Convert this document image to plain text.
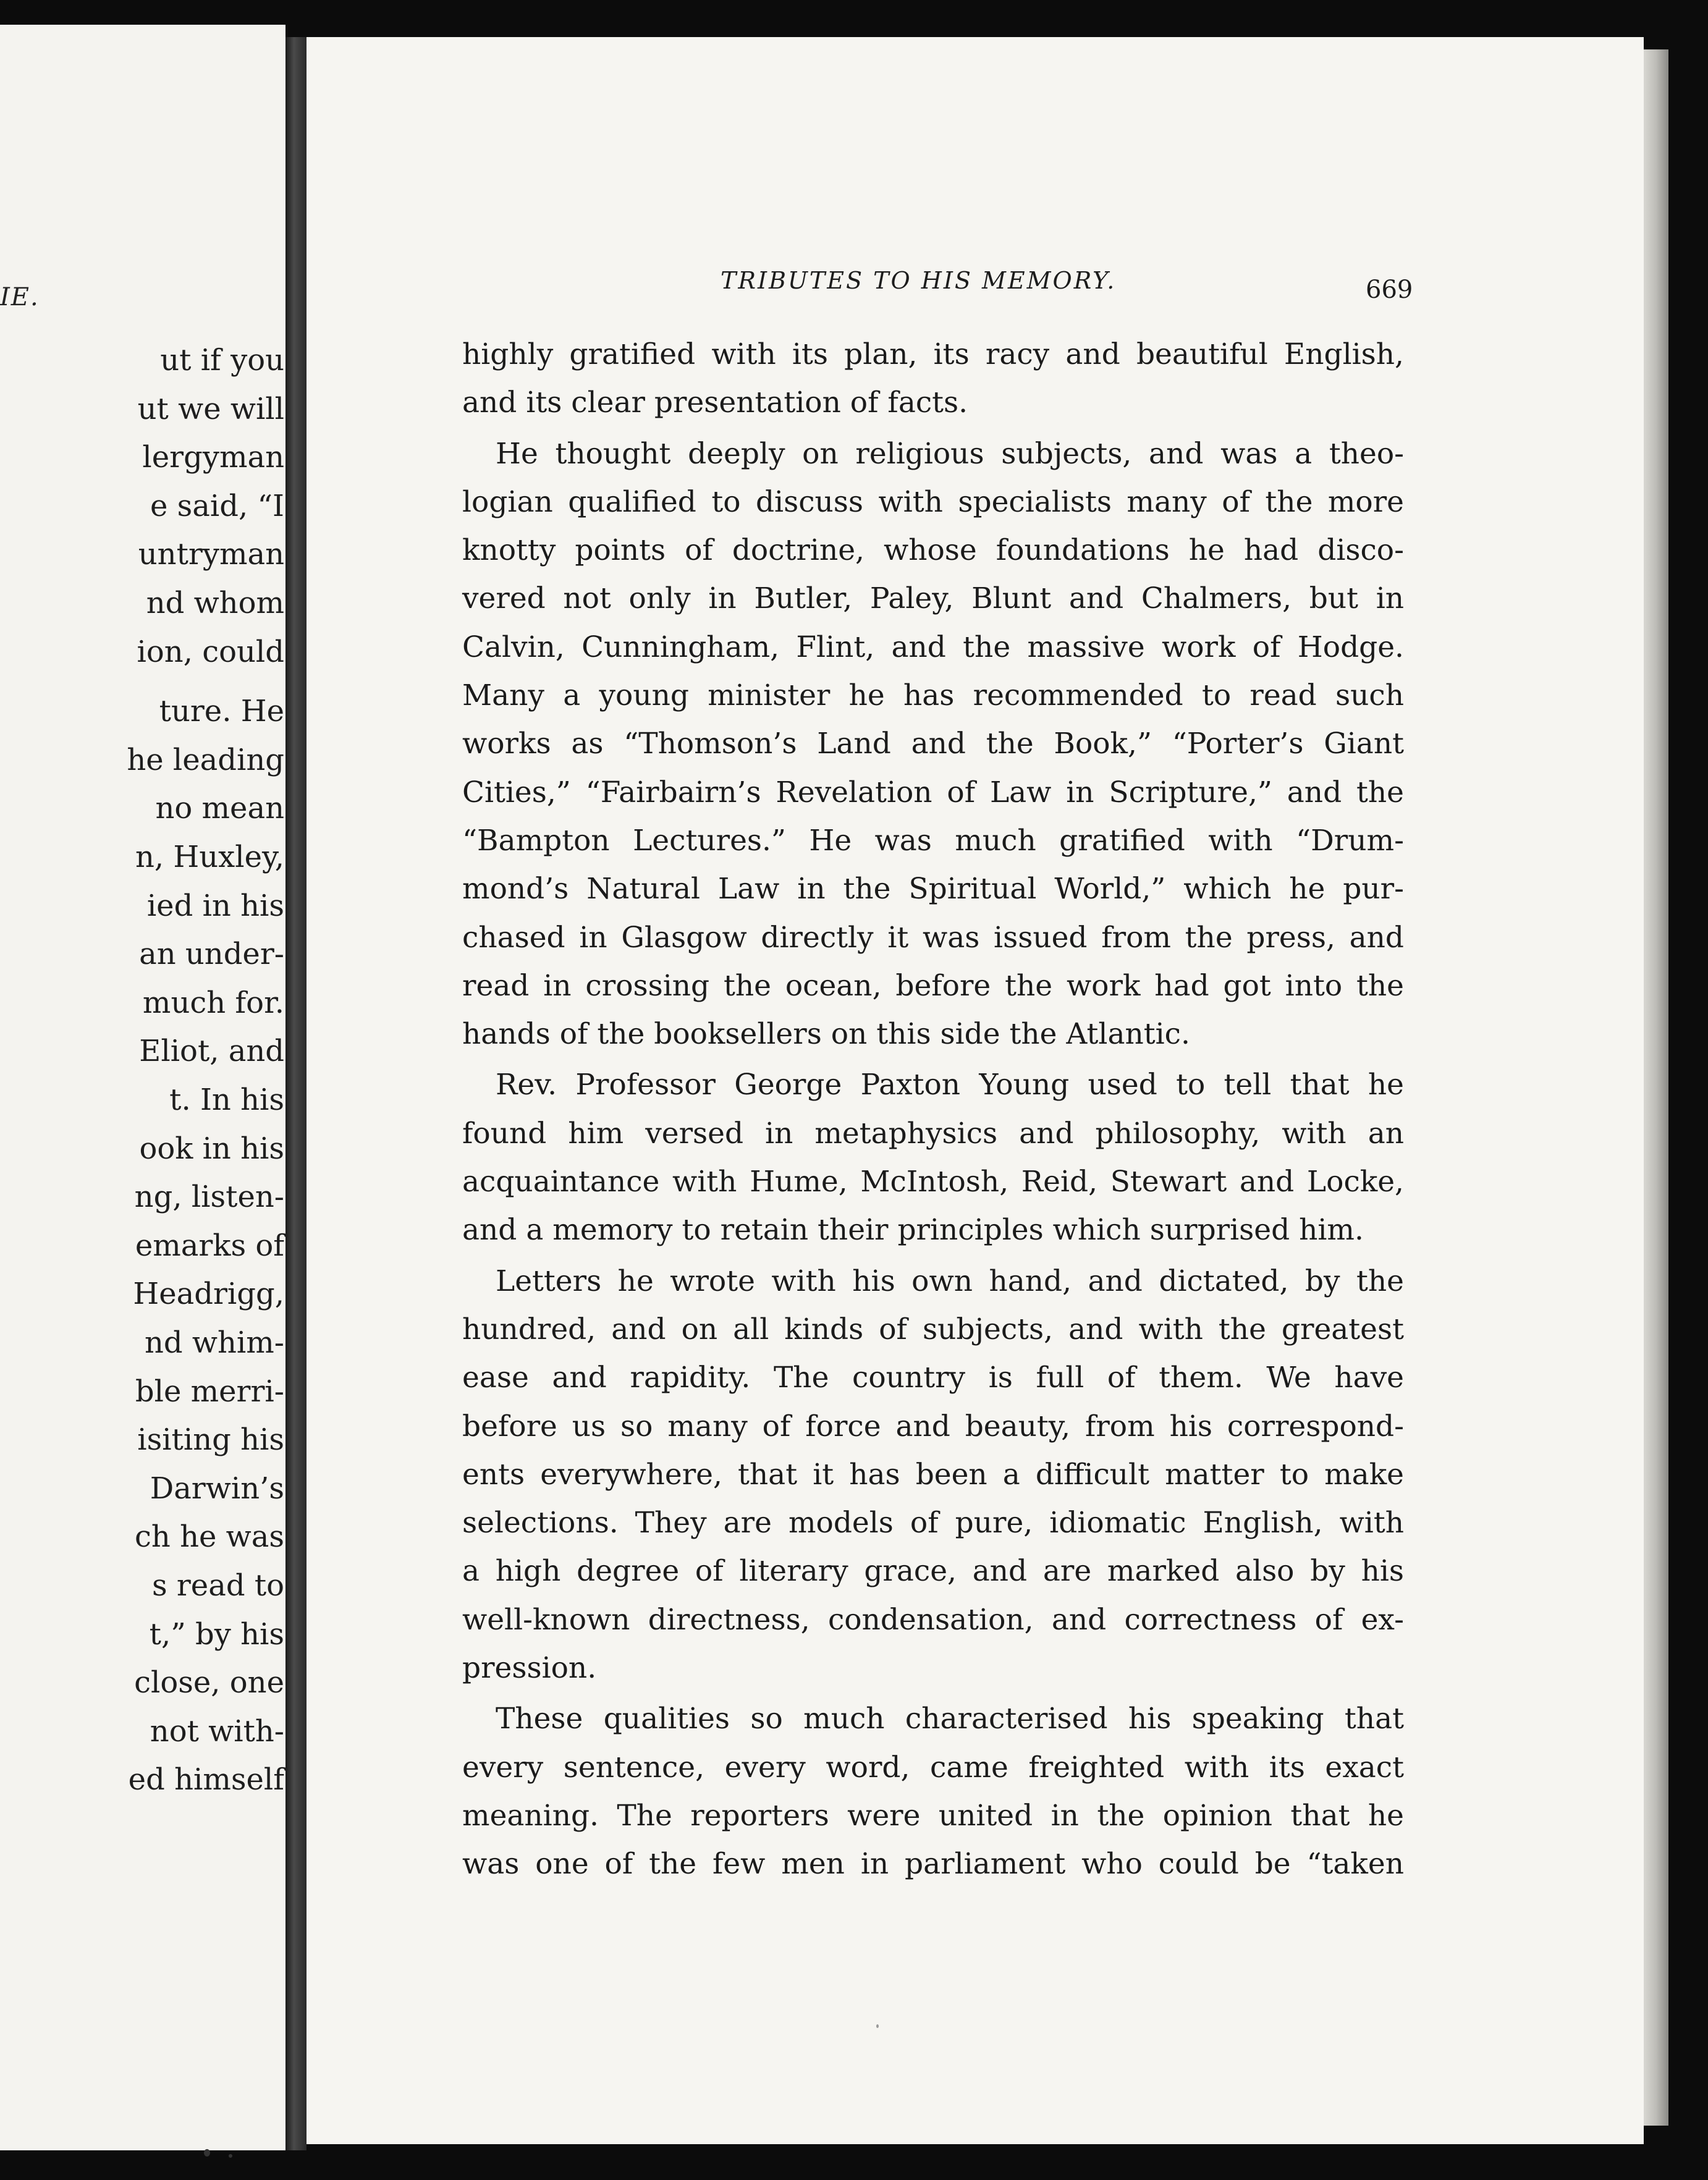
IE.
ut if you
ut we will
lergyman
e said, “I
untryman
nd whom
ion, could
ture. He
he leading
no mean
n, Huxley,
ied in his
an under-
much for.
Eliot, and
t. In his
ook in his
ng, listen-
emarks of
Headrigg,
nd whim-
ble merri-
isiting his
Darwin’s
ch he was
s read to
t,” by his
close, one
not with-
ed himself
TRIBUTES TO HIS MEMORY.	669
highly gratified with its plan, its racy and beautiful English,
and its clear presentation of facts.
He thought deeply on religious subjects, and was a theo-
logian qualified to discuss with specialists many of the more
knotty points of doctrine, whose foundations he had disco-
vered not only in Butler, Paley, Blunt and Chalmers, but in
Calvin, Cunningham, Flint, and the massive work of Hodge.
Many a young minister he has recommended to read such
works as “Thomson’s Land and the Book,” “Porter’s Giant
Cities,” “Fairbairn’s Revelation of Law in Scripture,” and the
“Bampton Lectures.” He was much gratified with “Drum-
mond’s Natural Law in the Spiritual World,” which he pur-
chased in Glasgow directly it was issued from the press, and
read in crossing the ocean, before the work had got into the
hands of the booksellers on this side the Atlantic.
Rev. Professor George Paxton Young used to tell that he
found him versed in metaphysics and philosophy, with an
acquaintance with Hume, McIntosh, Reid, Stewart and Locke,
and a memory to retain their principles which surprised him.
Letters he wrote with his own hand, and dictated, by the
hundred, and on all kinds of subjects, and with the greatest
ease and rapidity. The country is full of them. We have
before us so many of force and beauty, from his correspond-
ents everywhere, that it has been a difficult matter to make
selections. They are models of pure, idiomatic English, with
a high degree of literary grace, and are marked also by his
well-known directness, condensation, and correctness of ex-
pression.
These qualities so much characterised his speaking that
every sentence, every word, came freighted with its exact
meaning. The reporters were united in the opinion that he
was one of the few men in parliament who could be “taken
